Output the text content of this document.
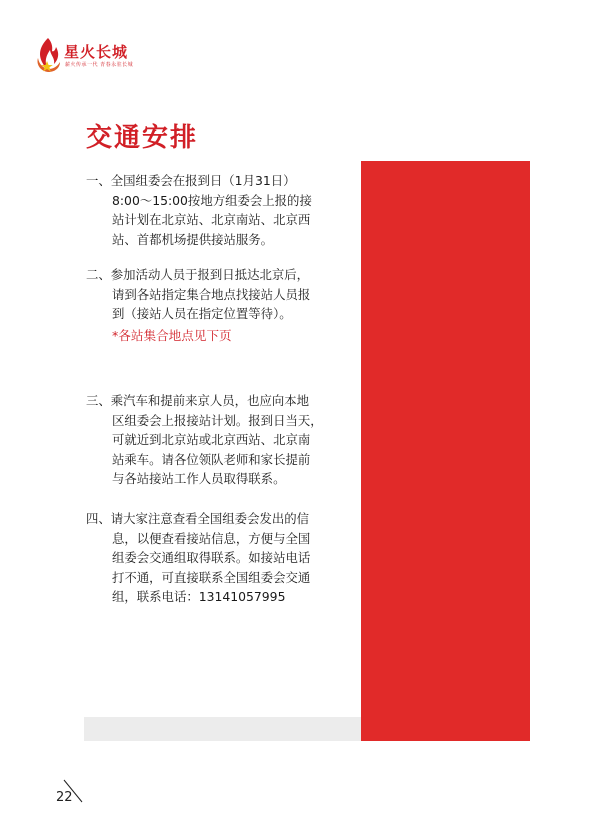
星火长城
薪火传承一代 青春永驻长城
交通安排

一、全国组委会在报到日（1月31日）

8:00～15:00按地方组委会上报的接

站计划在北京站、北京南站、北京西

站、首都机场提供接站服务。

二、参加活动人员于报到日抵达北京后，

请到各站指定集合地点找接站人员报

到（接站人员在指定位置等待）。

*各站集合地点见下页

三、乘汽车和提前来京人员，也应向本地

区组委会上报接站计划。报到日当天，

可就近到北京站或北京西站、北京南

站乘车。请各位领队老师和家长提前

与各站接站工作人员取得联系。

四、请大家注意查看全国组委会发出的信

息，以便查看接站信息，方便与全国

组委会交通组取得联系。如接站电话

打不通，可直接联系全国组委会交通

组，联系电话：13141057995

22
